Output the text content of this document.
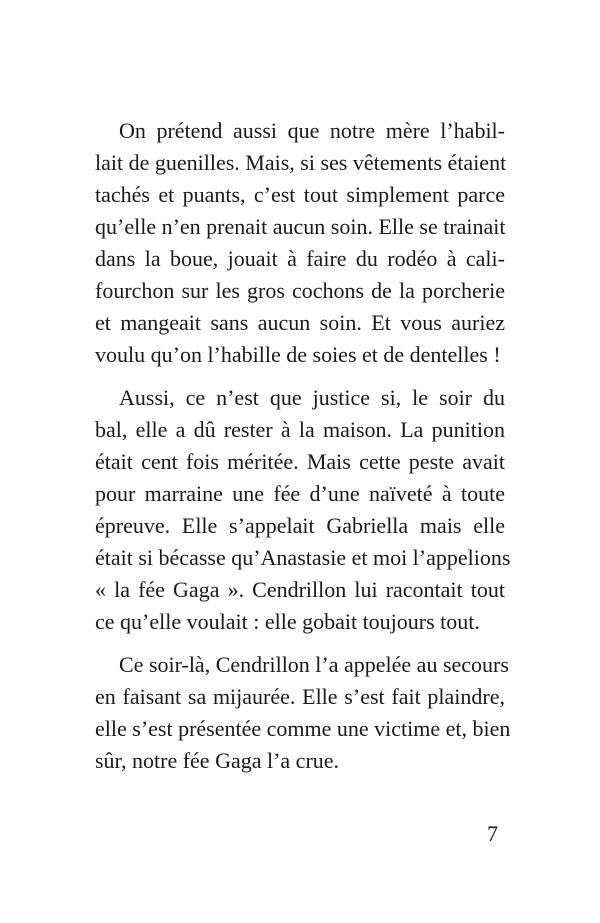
On prétend aussi que notre mère l’habil-
lait de guenilles. Mais, si ses vêtements étaient
tachés et puants, c’est tout simplement parce
qu’elle n’en prenait aucun soin. Elle se trainait
dans la boue, jouait à faire du rodéo à cali-
fourchon sur les gros cochons de la porcherie
et mangeait sans aucun soin. Et vous auriez
voulu qu’on l’habille de soies et de dentelles !
Aussi, ce n’est que justice si, le soir du
bal, elle a dû rester à la maison. La punition
était cent fois méritée. Mais cette peste avait
pour marraine une fée d’une naïveté à toute
épreuve. Elle s’appelait Gabriella mais elle
était si bécasse qu’Anastasie et moi l’appelions
« la fée Gaga ». Cendrillon lui racontait tout
ce qu’elle voulait : elle gobait toujours tout.
Ce soir-là, Cendrillon l’a appelée au secours
en faisant sa mijaurée. Elle s’est fait plaindre,
elle s’est présentée comme une victime et, bien
sûr, notre fée Gaga l’a crue.
7
